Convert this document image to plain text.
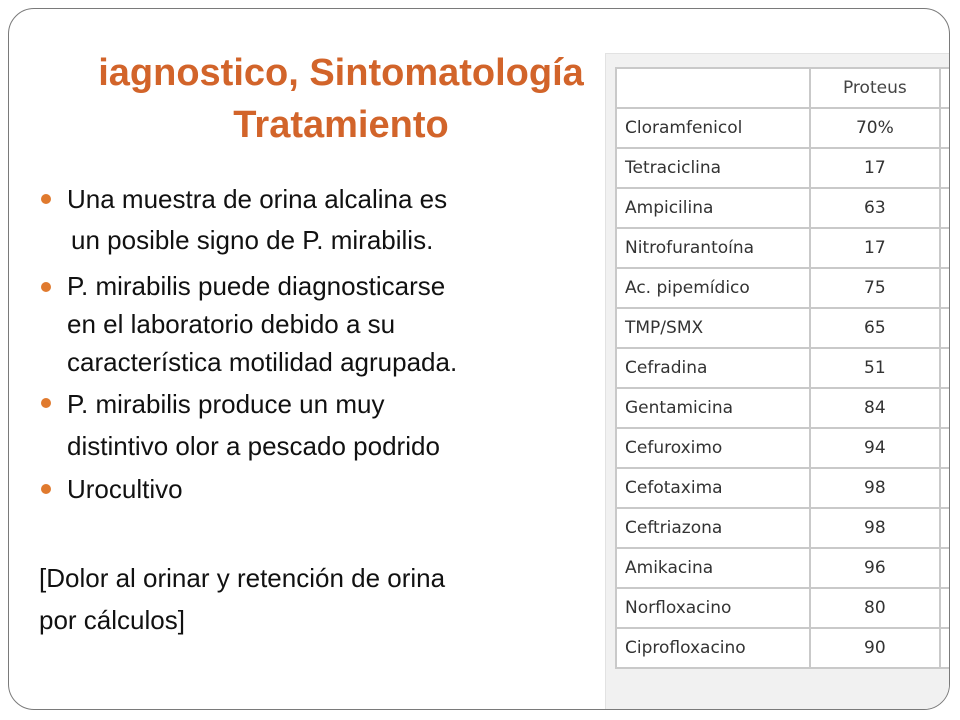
iagnostico, Sintomatología
Tratamiento
Una muestra de orina alcalina es
un posible signo de P. mirabilis.
P. mirabilis puede diagnosticarse
en el laboratorio debido a su
característica motilidad agrupada.
P. mirabilis produce un muy
distintivo olor a pescado podrido
Urocultivo
[Dolor al orinar y retención de orina
por cálculos]
	Proteus	
Cloramfenicol	70%	
Tetraciclina	17	
Ampicilina	63	
Nitrofurantoína	17	
Ac. pipemídico	75	
TMP/SMX	65	
Cefradina	51	
Gentamicina	84	
Cefuroximo	94	
Cefotaxima	98	
Ceftriazona	98	
Amikacina	96	
Norfloxacino	80	
Ciprofloxacino	90	
